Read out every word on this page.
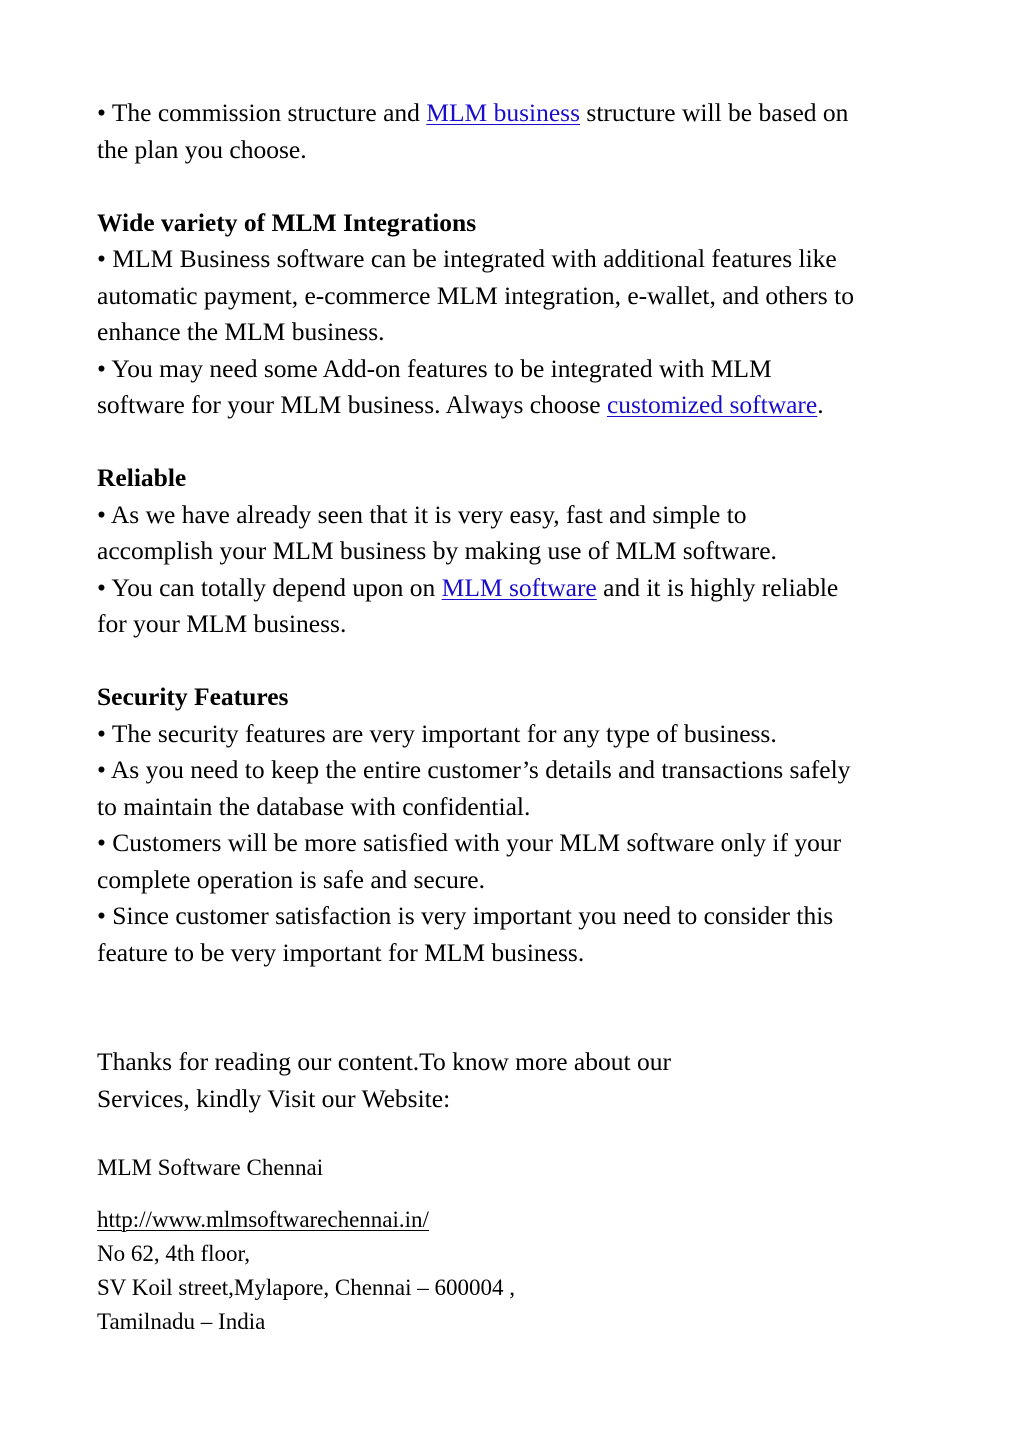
• The commission structure and MLM business structure will be based on

the plan you choose.

Wide variety of MLM Integrations

• MLM Business software can be integrated with additional features like

automatic payment, e-commerce MLM integration, e-wallet, and others to

enhance the MLM business.

• You may need some Add-on features to be integrated with MLM

software for your MLM business. Always choose customized software.

Reliable

• As we have already seen that it is very easy, fast and simple to

accomplish your MLM business by making use of MLM software.

• You can totally depend upon on MLM software and it is highly reliable

for your MLM business.

Security Features

• The security features are very important for any type of business.

• As you need to keep the entire customer’s details and transactions safely

to maintain the database with confidential.

• Customers will be more satisfied with your MLM software only if your

complete operation is safe and secure.

• Since customer satisfaction is very important you need to consider this

feature to be very important for MLM business.

Thanks for reading our content.To know more about our

Services, kindly Visit our Website:

MLM Software Chennai

http://www.mlmsoftwarechennai.in/

No 62, 4th floor,

SV Koil street,Mylapore, Chennai – 600004 ,

Tamilnadu – India
